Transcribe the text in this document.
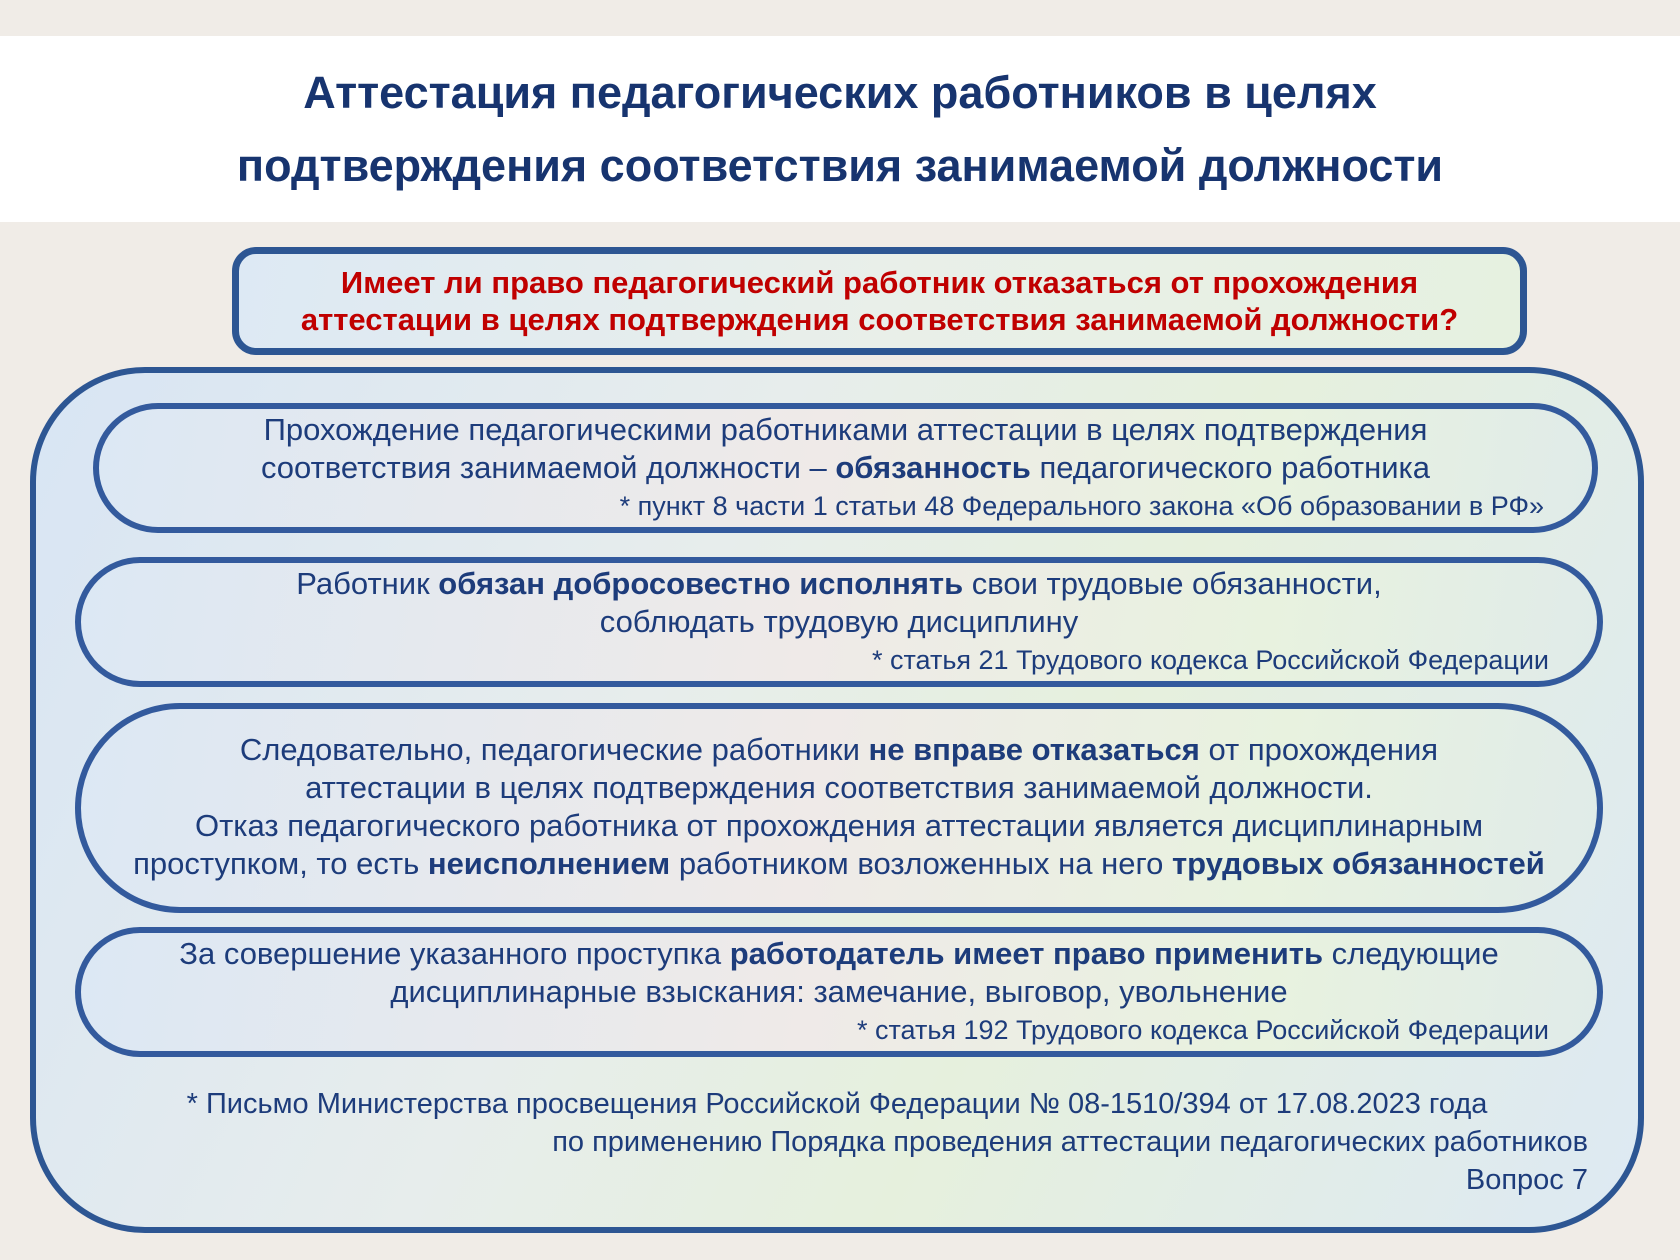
Аттестация педагогических работников в целях
подтверждения соответствия занимаемой должности
Имеет ли право педагогический работник отказаться от прохождения
аттестации в целях подтверждения соответствия занимаемой должности?
Прохождение педагогическими работниками аттестации в целях подтверждения
соответствия занимаемой должности – обязанность педагогического работника
* пункт 8 части 1 статьи 48 Федерального закона «Об образовании в РФ»
Работник обязан добросовестно исполнять свои трудовые обязанности,
соблюдать трудовую дисциплину
* статья 21 Трудового кодекса Российской Федерации
Следовательно, педагогические работники не вправе отказаться от прохождения
аттестации в целях подтверждения соответствия занимаемой должности.
Отказ педагогического работника от прохождения аттестации является дисциплинарным
проступком, то есть неисполнением работником возложенных на него трудовых обязанностей
За совершение указанного проступка работодатель имеет право применить следующие
дисциплинарные взыскания: замечание, выговор, увольнение
* статья 192 Трудового кодекса Российской Федерации
* Письмо Министерства просвещения Российской Федерации № 08-1510/394 от 17.08.2023 года
по применению Порядка проведения аттестации педагогических работников
Вопрос 7
